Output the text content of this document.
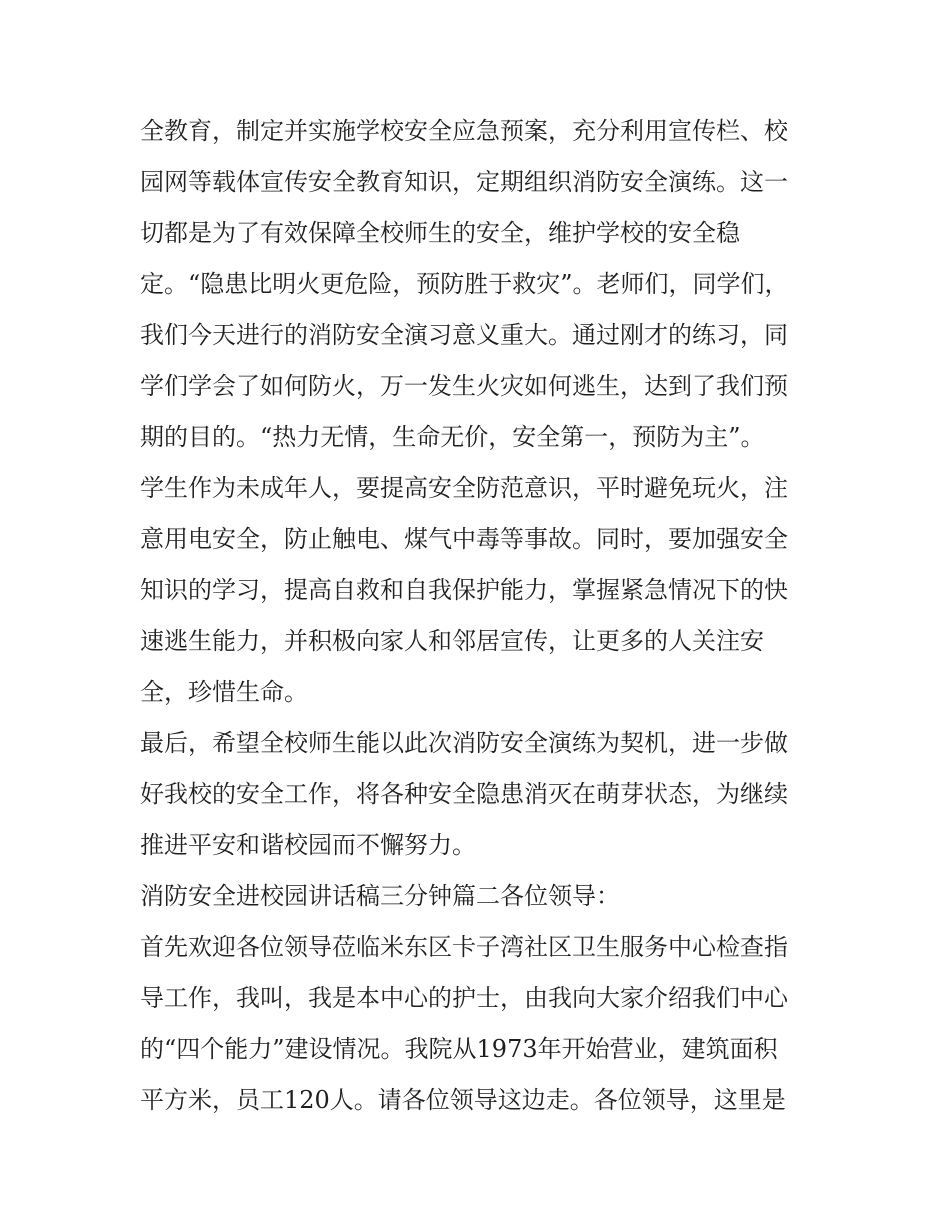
全教育，制定并实施学校安全应急预案，充分利用宣传栏、校

园网等载体宣传安全教育知识，定期组织消防安全演练。这一

切都是为了有效保障全校师生的安全，维护学校的安全稳

定。“隐患比明火更危险，预防胜于救灾”。老师们，同学们，

我们今天进行的消防安全演习意义重大。通过刚才的练习，同

学们学会了如何防火，万一发生火灾如何逃生，达到了我们预

期的目的。“热力无情，生命无价，安全第一，预防为主”。

学生作为未成年人，要提高安全防范意识，平时避免玩火，注

意用电安全，防止触电、煤气中毒等事故。同时，要加强安全

知识的学习，提高自救和自我保护能力，掌握紧急情况下的快

速逃生能力，并积极向家人和邻居宣传，让更多的人关注安

全，珍惜生命。

最后，希望全校师生能以此次消防安全演练为契机，进一步做

好我校的安全工作，将各种安全隐患消灭在萌芽状态，为继续

推进平安和谐校园而不懈努力。

消防安全进校园讲话稿三分钟篇二各位领导：

首先欢迎各位领导莅临米东区卡子湾社区卫生服务中心检查指

导工作，我叫，我是本中心的护士，由我向大家介绍我们中心

的“四个能力”建设情况。我院从1973年开始营业，建筑面积

平方米，员工120人。请各位领导这边走。各位领导，这里是
